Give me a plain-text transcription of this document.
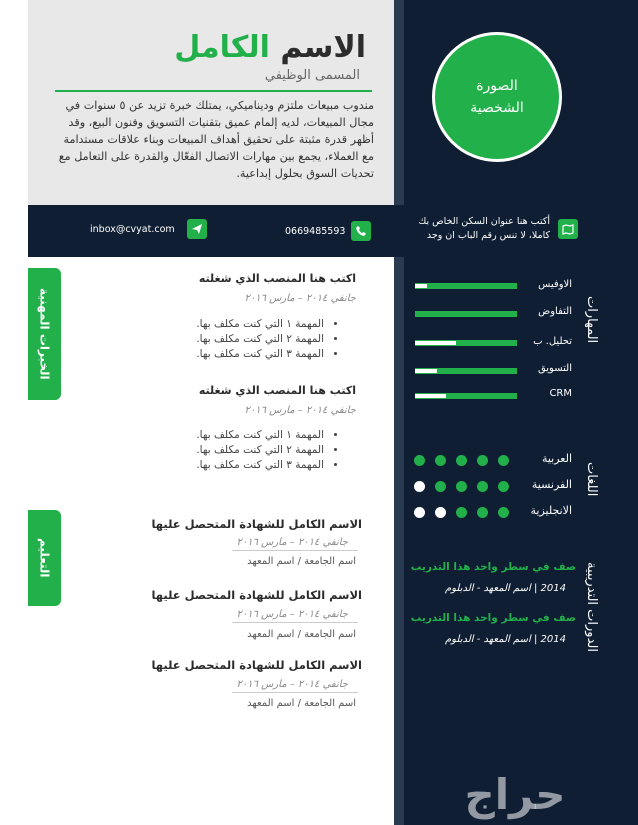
الاسم الكامل
المسمى الوظيفي
مندوب مبيعات ملتزم وديناميكي، يمتلك خبرة تزيد عن ٥ سنوات في مجال المبيعات، لديه إلمام عميق بتقنيات التسويق وفنون البيع، وقد أظهر قدرة مثبتة على تحقيق أهداف المبيعات وبناء علاقات مستدامة مع العملاء، يجمع بين مهارات الاتصال الفعّال والقدرة على التعامل مع تحديات السوق بحلول إبداعية.
الصورة الشخصية
أكتب هنا عنوان السكن الخاص بك كاملا، لا تنس رقم الباب ان وجد
0669485593
inbox@cvyat.com
الخبرات المهنية
التعليم
اكتب هنا المنصب الذي شغلته
جانفي ٢٠١٤ – مارس ٢٠١٦
• المهمة ١ التي كنت مكلف بها.
• المهمة ٢ التي كنت مكلف بها.
• المهمة ٣ التي كنت مكلف بها.
اكتب هنا المنصب الذي شغلته
جانفي ٢٠١٤ – مارس ٢٠١٦
• المهمة ١ التي كنت مكلف بها.
• المهمة ٢ التي كنت مكلف بها.
• المهمة ٣ التي كنت مكلف بها.
الاسم الكامل للشهادة المتحصل عليها
جانفي ٢٠١٤ – مارس ٢٠١٦
اسم الجامعة / اسم المعهد
الاسم الكامل للشهادة المتحصل عليها
جانفي ٢٠١٤ – مارس ٢٠١٦
اسم الجامعة / اسم المعهد
الاسم الكامل للشهادة المتحصل عليها
جانفي ٢٠١٤ – مارس ٢٠١٦
اسم الجامعة / اسم المعهد
المهارات
الاوفيس
التفاوض
تحليل. ب
التسويق
CRM
اللغات
العربية
الفرنسية
الانجليزية
الدورات التدريبية
صف في سطر واحد هذا التدريب
2014 | اسم المعهد - الدبلوم
صف في سطر واحد هذا التدريب
2014 | اسم المعهد - الدبلوم
حراج
